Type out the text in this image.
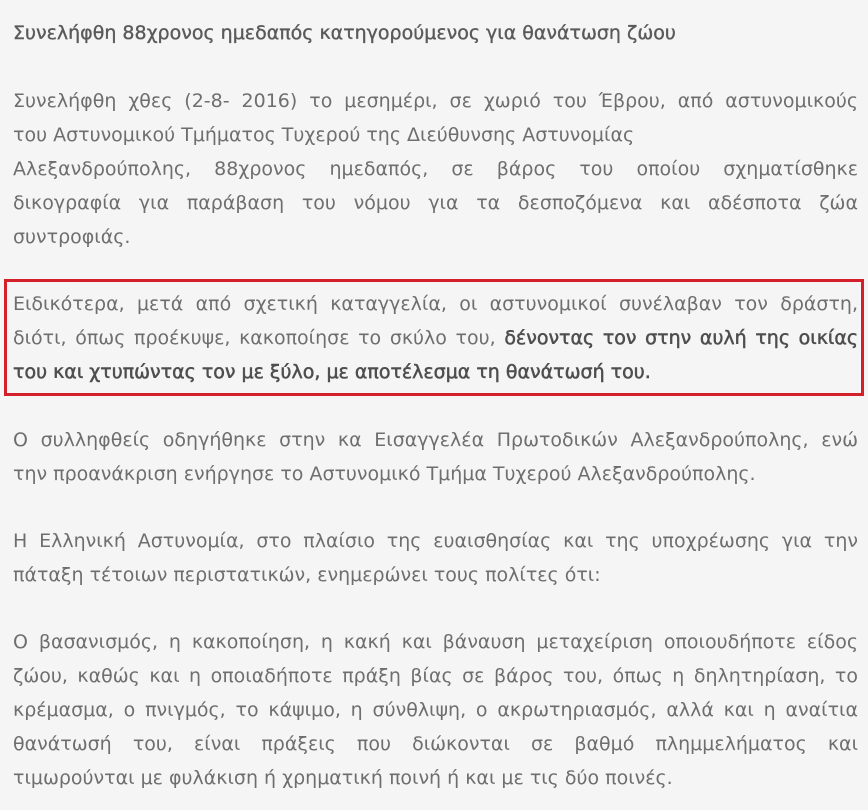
Συνελήφθη 88χρονος ημεδαπός κατηγορούμενος για θανάτωση ζώου

Συνελήφθη χθες (2-8- 2016) το μεσημέρι, σε χωριό του Έβρου, από αστυνομικούς
του Αστυνομικού Τμήματος Τυχερού της Διεύθυνσης Αστυνομίας
Αλεξανδρούπολης, 88χρονος ημεδαπός, σε βάρος του οποίου σχηματίσθηκε
δικογραφία για παράβαση του νόμου για τα δεσποζόμενα και αδέσποτα ζώα
συντροφιάς.

Ειδικότερα, μετά από σχετική καταγγελία, οι αστυνομικοί συνέλαβαν τον δράστη,
διότι, όπως προέκυψε, κακοποίησε το σκύλο του, δένοντας τον στην αυλή της οικίας
του και χτυπώντας τον με ξύλο, με αποτέλεσμα τη θανάτωσή του.

Ο συλληφθείς οδηγήθηκε στην κα Εισαγγελέα Πρωτοδικών Αλεξανδρούπολης, ενώ
την προανάκριση ενήργησε το Αστυνομικό Τμήμα Τυχερού Αλεξανδρούπολης.

Η Ελληνική Αστυνομία, στο πλαίσιο της ευαισθησίας και της υποχρέωσης για την
πάταξη τέτοιων περιστατικών, ενημερώνει τους πολίτες ότι:

Ο βασανισμός, η κακοποίηση, η κακή και βάναυση μεταχείριση οποιουδήποτε είδος
ζώου, καθώς και η οποιαδήποτε πράξη βίας σε βάρος του, όπως η δηλητηρίαση, το
κρέμασμα, ο πνιγμός, το κάψιμο, η σύνθλιψη, ο ακρωτηριασμός, αλλά και η αναίτια
θανάτωσή του, είναι πράξεις που διώκονται σε βαθμό πλημμελήματος και
τιμωρούνται με φυλάκιση ή χρηματική ποινή ή και με τις δύο ποινές.
